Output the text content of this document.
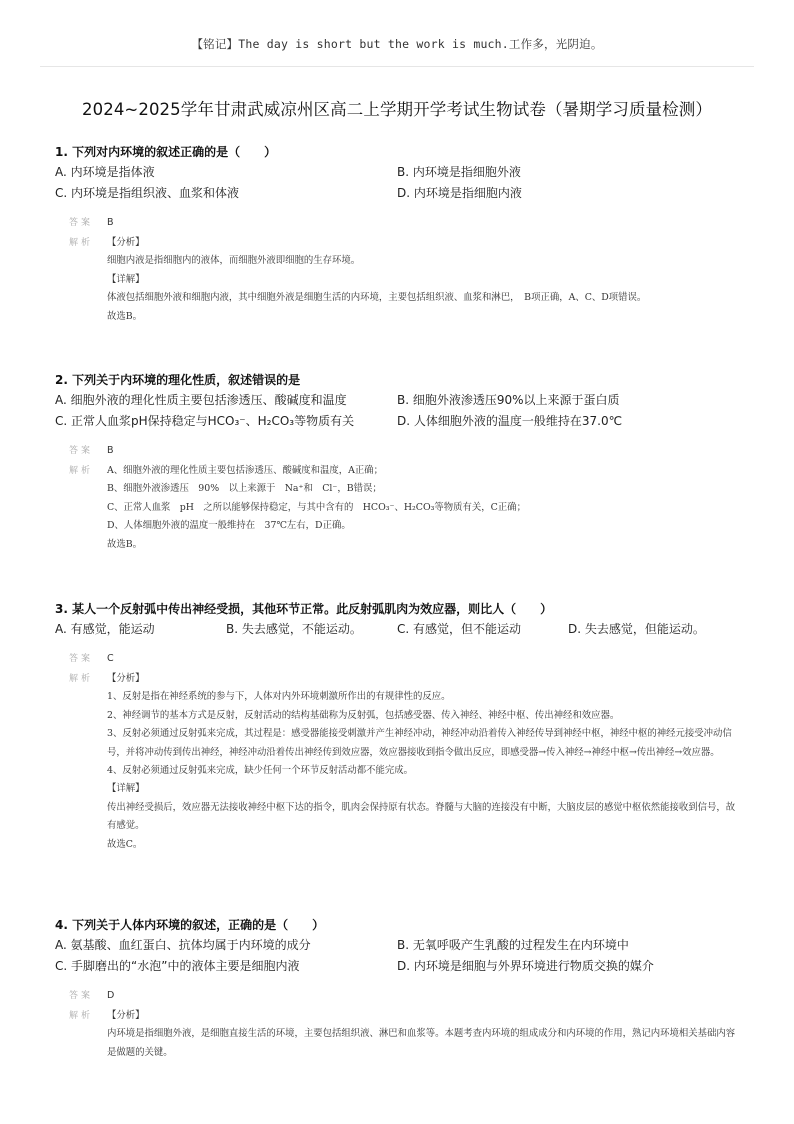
【铭记】The day is short but the work is much.工作多，光阴迫。
2024~2025学年甘肃武威凉州区高二上学期开学考试生物试卷（暑期学习质量检测）
1. 下列对内环境的叙述正确的是（　　）
A. 内环境是指体液	B. 内环境是指细胞外液
C. 内环境是指组织液、血浆和体液	D. 内环境是指细胞内液
答案 B
解析 【分析】

细胞内液是指细胞内的液体，而细胞外液即细胞的生存环境。

【详解】

体液包括细胞外液和细胞内液，其中细胞外液是细胞生活的内环境，主要包括组织液、血浆和淋巴，　B项正确，A、C、D项错误。

故选B。

2. 下列关于内环境的理化性质，叙述错误的是
A. 细胞外液的理化性质主要包括渗透压、酸碱度和温度	B. 细胞外液渗透压90%以上来源于蛋白质
C. 正常人血浆pH保持稳定与HCO₃⁻、H₂CO₃等物质有关	D. 人体细胞外液的温度一般维持在37.0℃
答案 B
解析 A、细胞外液的理化性质主要包括渗透压、酸碱度和温度，A正确；

B、细胞外液渗透压　90%　以上来源于　Na⁺和　Cl⁻，B错误；

C、正常人血浆　pH　之所以能够保持稳定，与其中含有的　HCO₃⁻、H₂CO₃等物质有关，C正确；

D、人体细胞外液的温度一般维持在　37℃左右，D正确。

故选B。

3. 某人一个反射弧中传出神经受损，其他环节正常。此反射弧肌肉为效应器，则比人（　　）
A. 有感觉，能运动	B. 失去感觉，不能运动。	C. 有感觉，但不能运动	D. 失去感觉，但能运动。
答案 C
解析 【分析】

1、反射是指在神经系统的参与下，人体对内外环境刺激所作出的有规律性的反应。

2、神经调节的基本方式是反射，反射活动的结构基础称为反射弧，包括感受器、传入神经、神经中枢、传出神经和效应器。

3、反射必须通过反射弧来完成，其过程是：感受器能接受刺激并产生神经冲动，神经冲动沿着传入神经传导到神经中枢，神经中枢的神经元接受冲动信号，并将冲动传到传出神经，神经冲动沿着传出神经传到效应器，效应器接收到指令做出反应，即感受器→传入神经→神经中枢→传出神经→效应器。

4、反射必须通过反射弧来完成，缺少任何一个环节反射活动都不能完成。

【详解】

传出神经受损后，效应器无法接收神经中枢下达的指令，肌肉会保持原有状态。脊髓与大脑的连接没有中断，大脑皮层的感觉中枢依然能接收到信号，故有感觉。

故选C。

4. 下列关于人体内环境的叙述，正确的是（　　）
A. 氨基酸、血红蛋白、抗体均属于内环境的成分	B. 无氧呼吸产生乳酸的过程发生在内环境中
C. 手脚磨出的“水泡”中的液体主要是细胞内液	D. 内环境是细胞与外界环境进行物质交换的媒介
答案 D
解析 【分析】

内环境是指细胞外液，是细胞直接生活的环境，主要包括组织液、淋巴和血浆等。本题考查内环境的组成成分和内环境的作用，熟记内环境相关基础内容是做题的关键。
